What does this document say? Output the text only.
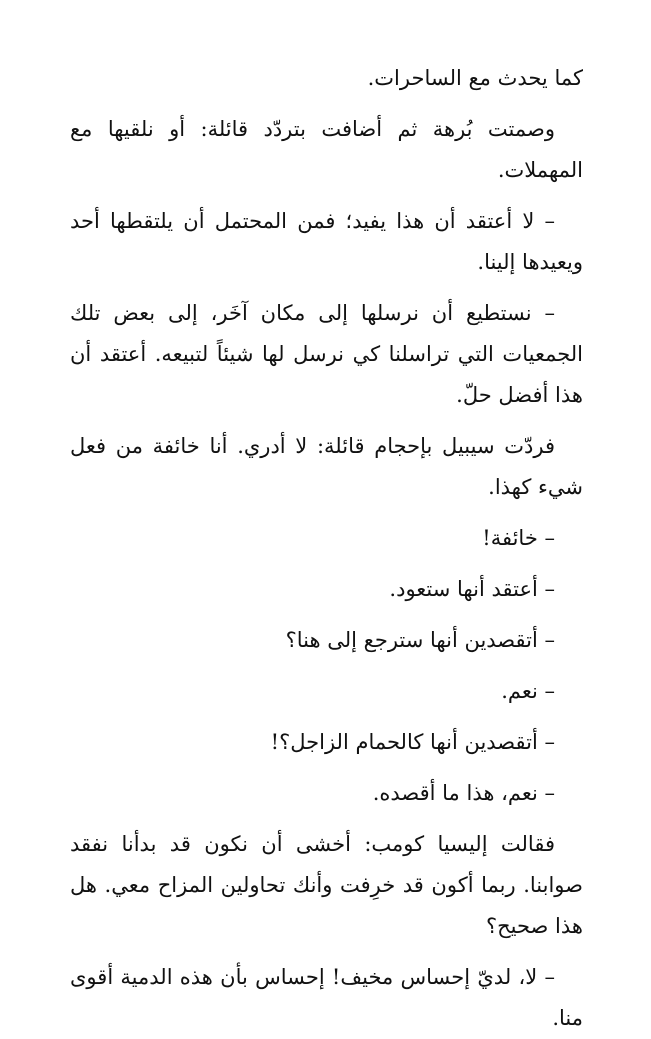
كما يحدث مع الساحرات.

وصمتت بُرهة ثم أضافت بتردّد قائلة: أو نلقيها مع المهملات.

– لا أعتقد أن هذا يفيد؛ فمن المحتمل أن يلتقطها أحد ويعيدها إلينا.

– نستطيع أن نرسلها إلى مكان آخَر، إلى بعض تلك الجمعيات التي تراسلنا كي نرسل لها شيئاً لتبيعه. أعتقد أن هذا أفضل حلّ.

فردّت سيبيل بإحجام قائلة: لا أدري. أنا خائفة من فعل شيء كهذا.

– خائفة!

– أعتقد أنها ستعود.

– أتقصدين أنها سترجع إلى هنا؟

– نعم.

– أتقصدين أنها كالحمام الزاجل؟!

– نعم، هذا ما أقصده.

فقالت إليسيا كومب: أخشى أن نكون قد بدأنا نفقد صوابنا. ربما أكون قد خرِفت وأنك تحاولين المزاح معي. هل هذا صحيح؟

– لا، لديّ إحساس مخيف! إحساس بأن هذه الدمية أقوى منا.
